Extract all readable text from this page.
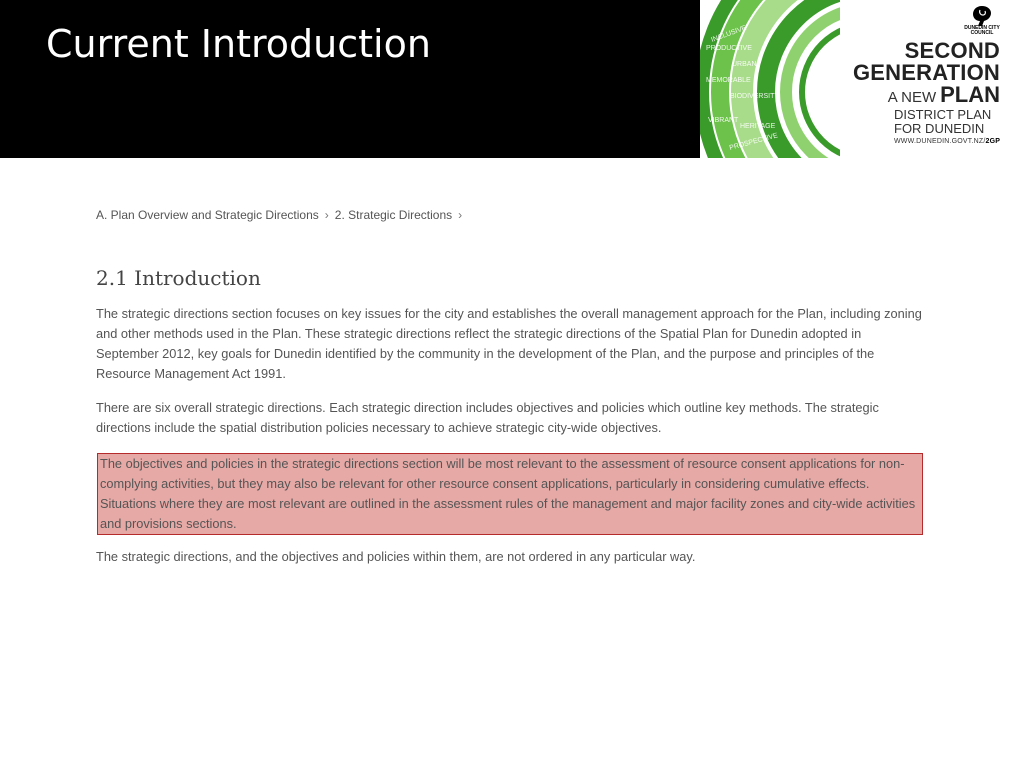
Current Introduction	INCLUSIVE
PRODUCTIVE
MEMORABLE
VIBRANT
PROSPECTIVE
URBAN
HERITAGE
BIODIVERSITY
DUNEDIN CITY COUNCIL
SECOND
GENERATION
A NEW PLAN
DISTRICT PLAN
FOR DUNEDIN
WWW.DUNEDIN.GOVT.NZ/2GP
A. Plan Overview and Strategic Directions › 2. Strategic Directions ›
2.1 Introduction
The strategic directions section focuses on key issues for the city and establishes the overall management approach for the Plan, including zoning and other methods used in the Plan. These strategic directions reflect the strategic directions of the Spatial Plan for Dunedin adopted in September 2012, key goals for Dunedin identified by the community in the development of the Plan, and the purpose and principles of the Resource Management Act 1991.
There are six overall strategic directions. Each strategic direction includes objectives and policies which outline key methods. The strategic directions include the spatial distribution policies necessary to achieve strategic city-wide objectives.
The objectives and policies in the strategic directions section will be most relevant to the assessment of resource consent applications for non-complying activities, but they may also be relevant for other resource consent applications, particularly in considering cumulative effects. Situations where they are most relevant are outlined in the assessment rules of the management and major facility zones and city-wide activities and provisions sections.
The strategic directions, and the objectives and policies within them, are not ordered in any particular way.
